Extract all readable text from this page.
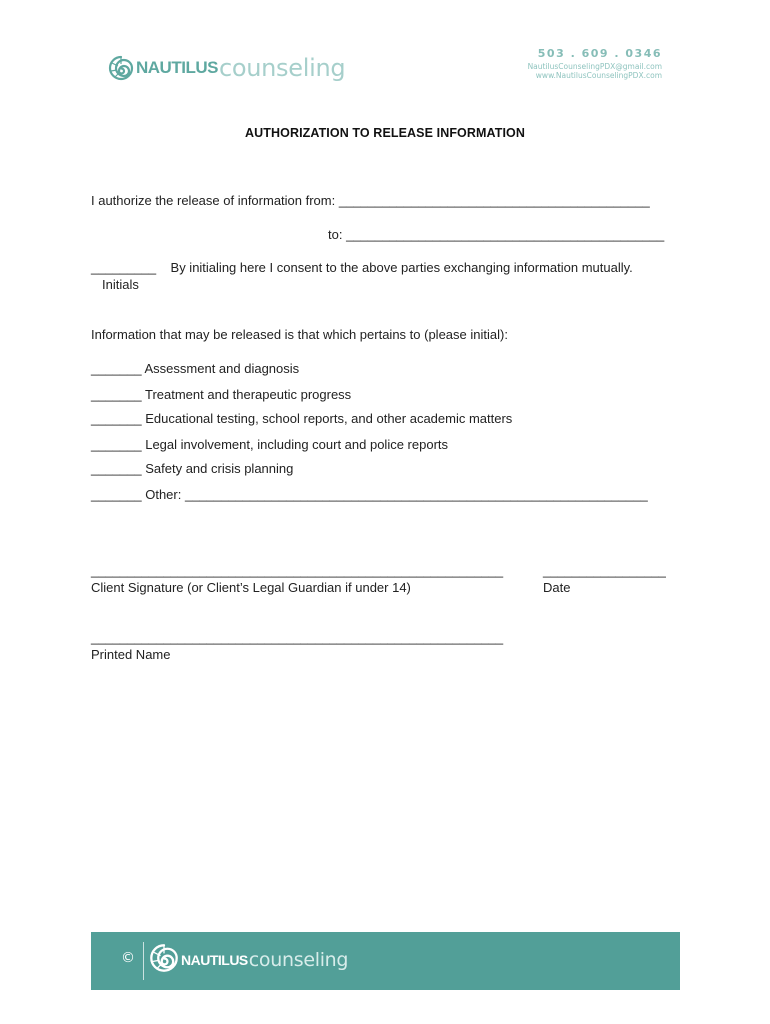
NAUTILUS counseling
503 . 609 . 0346
NautilusCounselingPDX@gmail.com
www.NautilusCounselingPDX.com
AUTHORIZATION TO RELEASE INFORMATION
I authorize the release of information from: ___________________________________________
to: ____________________________________________
_________    By initialing here I consent to the above parties exchanging information mutually.
Initials
Information that may be released is that which pertains to (please initial):
_______ Assessment and diagnosis
_______ Treatment and therapeutic progress
_______ Educational testing, school reports, and other academic matters
_______ Legal involvement, including court and police reports
_______ Safety and crisis planning
_______ Other: ________________________________________________________________
_________________________________________________________
Client Signature (or Client’s Legal Guardian if under 14)
_________________
Date
_________________________________________________________
Printed Name
©	NAUTILUS counseling
